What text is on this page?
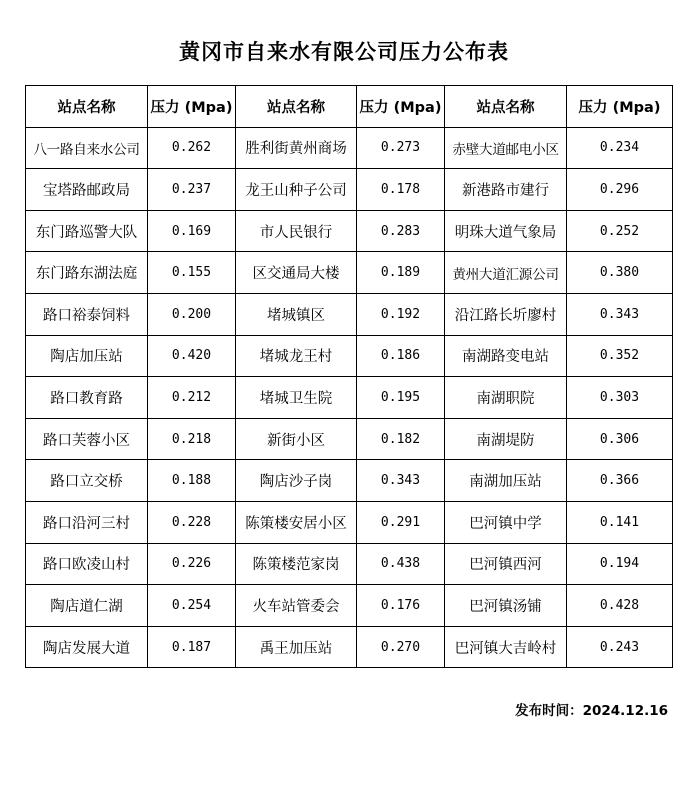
黄冈市自来水有限公司压力公布表
站点名称	压力 (Mpa)	站点名称	压力 (Mpa)	站点名称	压力 (Mpa)
八一路自来水公司	0.262	胜利街黄州商场	0.273	赤壁大道邮电小区	0.234
宝塔路邮政局	0.237	龙王山种子公司	0.178	新港路市建行	0.296
东门路巡警大队	0.169	市人民银行	0.283	明珠大道气象局	0.252
东门路东湖法庭	0.155	区交通局大楼	0.189	黄州大道汇源公司	0.380
路口裕泰饲料	0.200	堵城镇区	0.192	沿江路长圻廖村	0.343
陶店加压站	0.420	堵城龙王村	0.186	南湖路变电站	0.352
路口教育路	0.212	堵城卫生院	0.195	南湖职院	0.303
路口芙蓉小区	0.218	新街小区	0.182	南湖堤防	0.306
路口立交桥	0.188	陶店沙子岗	0.343	南湖加压站	0.366
路口沿河三村	0.228	陈策楼安居小区	0.291	巴河镇中学	0.141
路口欧凌山村	0.226	陈策楼范家岗	0.438	巴河镇西河	0.194
陶店道仁湖	0.254	火车站管委会	0.176	巴河镇汤铺	0.428
陶店发展大道	0.187	禹王加压站	0.270	巴河镇大吉岭村	0.243
发布时间：2024.12.16
